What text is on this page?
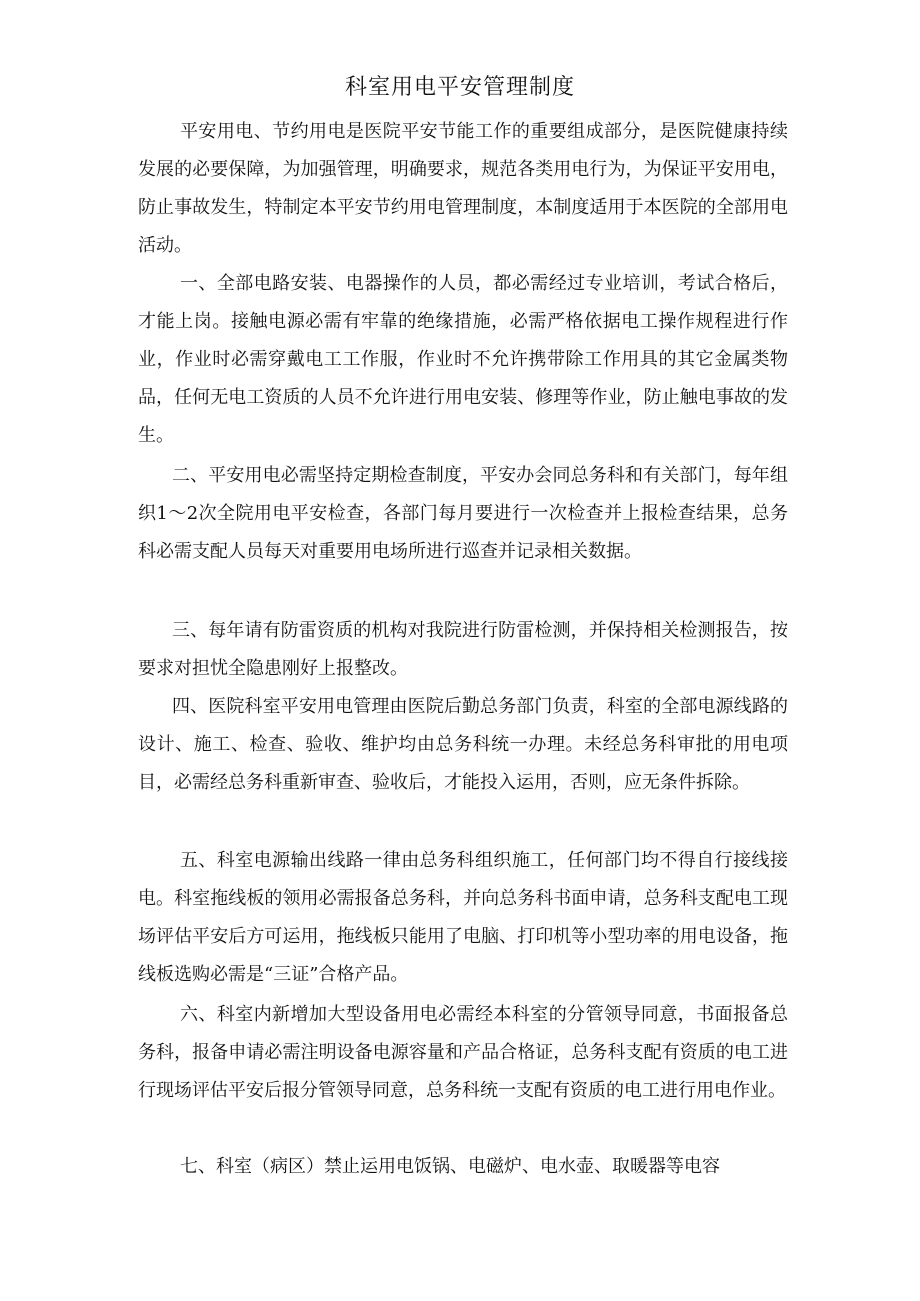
科室用电平安管理制度
平安用电、节约用电是医院平安节能工作的重要组成部分，是医院健康持续发展的必要保障，为加强管理，明确要求，规范各类用电行为，为保证平安用电，防止事故发生，特制定本平安节约用电管理制度，本制度适用于本医院的全部用电活动。
一、全部电路安装、电器操作的人员，都必需经过专业培训，考试合格后，才能上岗。接触电源必需有牢靠的绝缘措施，必需严格依据电工操作规程进行作业，作业时必需穿戴电工工作服，作业时不允许携带除工作用具的其它金属类物品，任何无电工资质的人员不允许进行用电安装、修理等作业，防止触电事故的发生。
二、平安用电必需坚持定期检查制度，平安办会同总务科和有关部门，每年组织1～2次全院用电平安检查，各部门每月要进行一次检查并上报检查结果，总务科必需支配人员每天对重要用电场所进行巡查并记录相关数据。
三、每年请有防雷资质的机构对我院进行防雷检测，并保持相关检测报告，按要求对担忧全隐患刚好上报整改。
四、医院科室平安用电管理由医院后勤总务部门负责，科室的全部电源线路的设计、施工、检查、验收、维护均由总务科统一办理。未经总务科审批的用电项目，必需经总务科重新审查、验收后，才能投入运用，否则，应无条件拆除。
五、科室电源输出线路一律由总务科组织施工，任何部门均不得自行接线接电。科室拖线板的领用必需报备总务科，并向总务科书面申请，总务科支配电工现场评估平安后方可运用，拖线板只能用了电脑、打印机等小型功率的用电设备，拖线板选购必需是“三证”合格产品。
六、科室内新增加大型设备用电必需经本科室的分管领导同意，书面报备总务科，报备申请必需注明设备电源容量和产品合格证，总务科支配有资质的电工进行现场评估平安后报分管领导同意，总务科统一支配有资质的电工进行用电作业。
七、科室（病区）禁止运用电饭锅、电磁炉、电水壶、取暖器等电容
